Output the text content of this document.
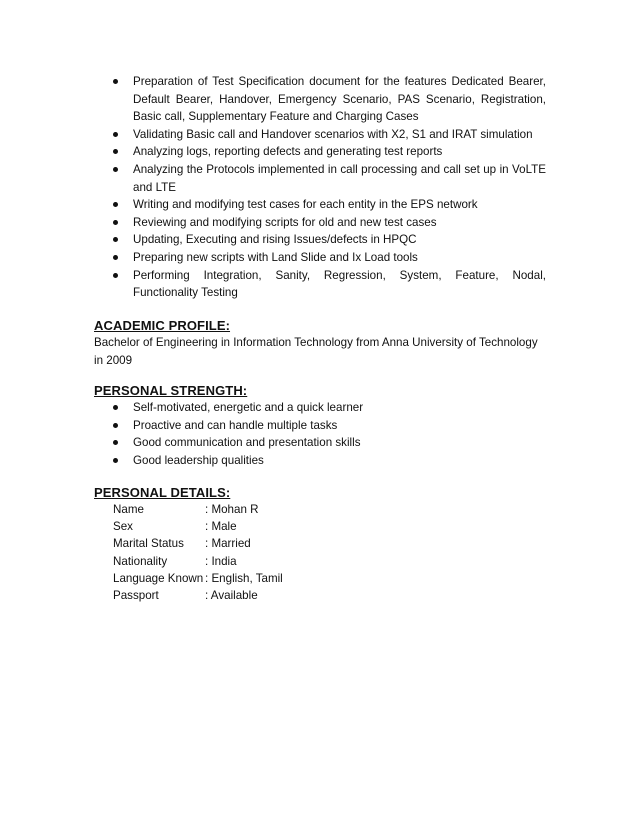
Preparation of Test Specification document for the features Dedicated Bearer, Default Bearer, Handover, Emergency Scenario, PAS Scenario, Registration, Basic call, Supplementary Feature and Charging Cases
Validating Basic call and Handover scenarios with X2, S1 and IRAT simulation
Analyzing logs, reporting defects and generating test reports
Analyzing the Protocols implemented in call processing and call set up in VoLTE and LTE
Writing and modifying test cases for each entity in the EPS network
Reviewing and modifying scripts for old and new test cases
Updating, Executing and rising Issues/defects in HPQC
Preparing new scripts with Land Slide and Ix Load tools
Performing Integration, Sanity, Regression, System, Feature, Nodal, Functionality Testing
ACADEMIC PROFILE:
Bachelor of Engineering in Information Technology from Anna University of Technology in 2009
PERSONAL STRENGTH:
Self-motivated, energetic and a quick learner
Proactive and can handle multiple tasks
Good communication and presentation skills
Good leadership qualities
PERSONAL DETAILS:
Name	: Mohan R
Sex	: Male
Marital Status	: Married
Nationality	: India
Language Known : English, Tamil
Passport	: Available
